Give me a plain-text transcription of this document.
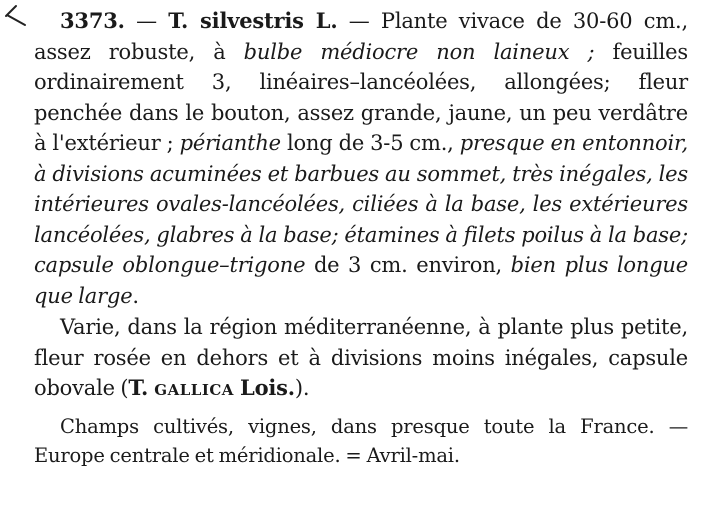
3373. — T. silvestris L. — Plante vivace de 30-60 cm., assez robuste, à bulbe médiocre non laineux ; feuilles ordinairement 3, linéaires–lancéolées, allongées; fleur penchée dans le bouton, assez grande, jaune, un peu verdâtre à l'extérieur ; périanthe long de 3-5 cm., presque en entonnoir, à divisions acuminées et barbues au sommet, très inégales, les intérieures ovales-lancéolées, ciliées à la base, les extérieures lancéolées, glabres à la base; étamines à filets poilus à la base; capsule oblongue–trigone de 3 cm. environ, bien plus longue que large.

Varie, dans la région méditerranéenne, à plante plus petite, fleur rosée en dehors et à divisions moins inégales, capsule obovale (T. gallica Lois.).

Champs cultivés, vignes, dans presque toute la France. — Europe centrale et méridionale. = Avril-mai.
